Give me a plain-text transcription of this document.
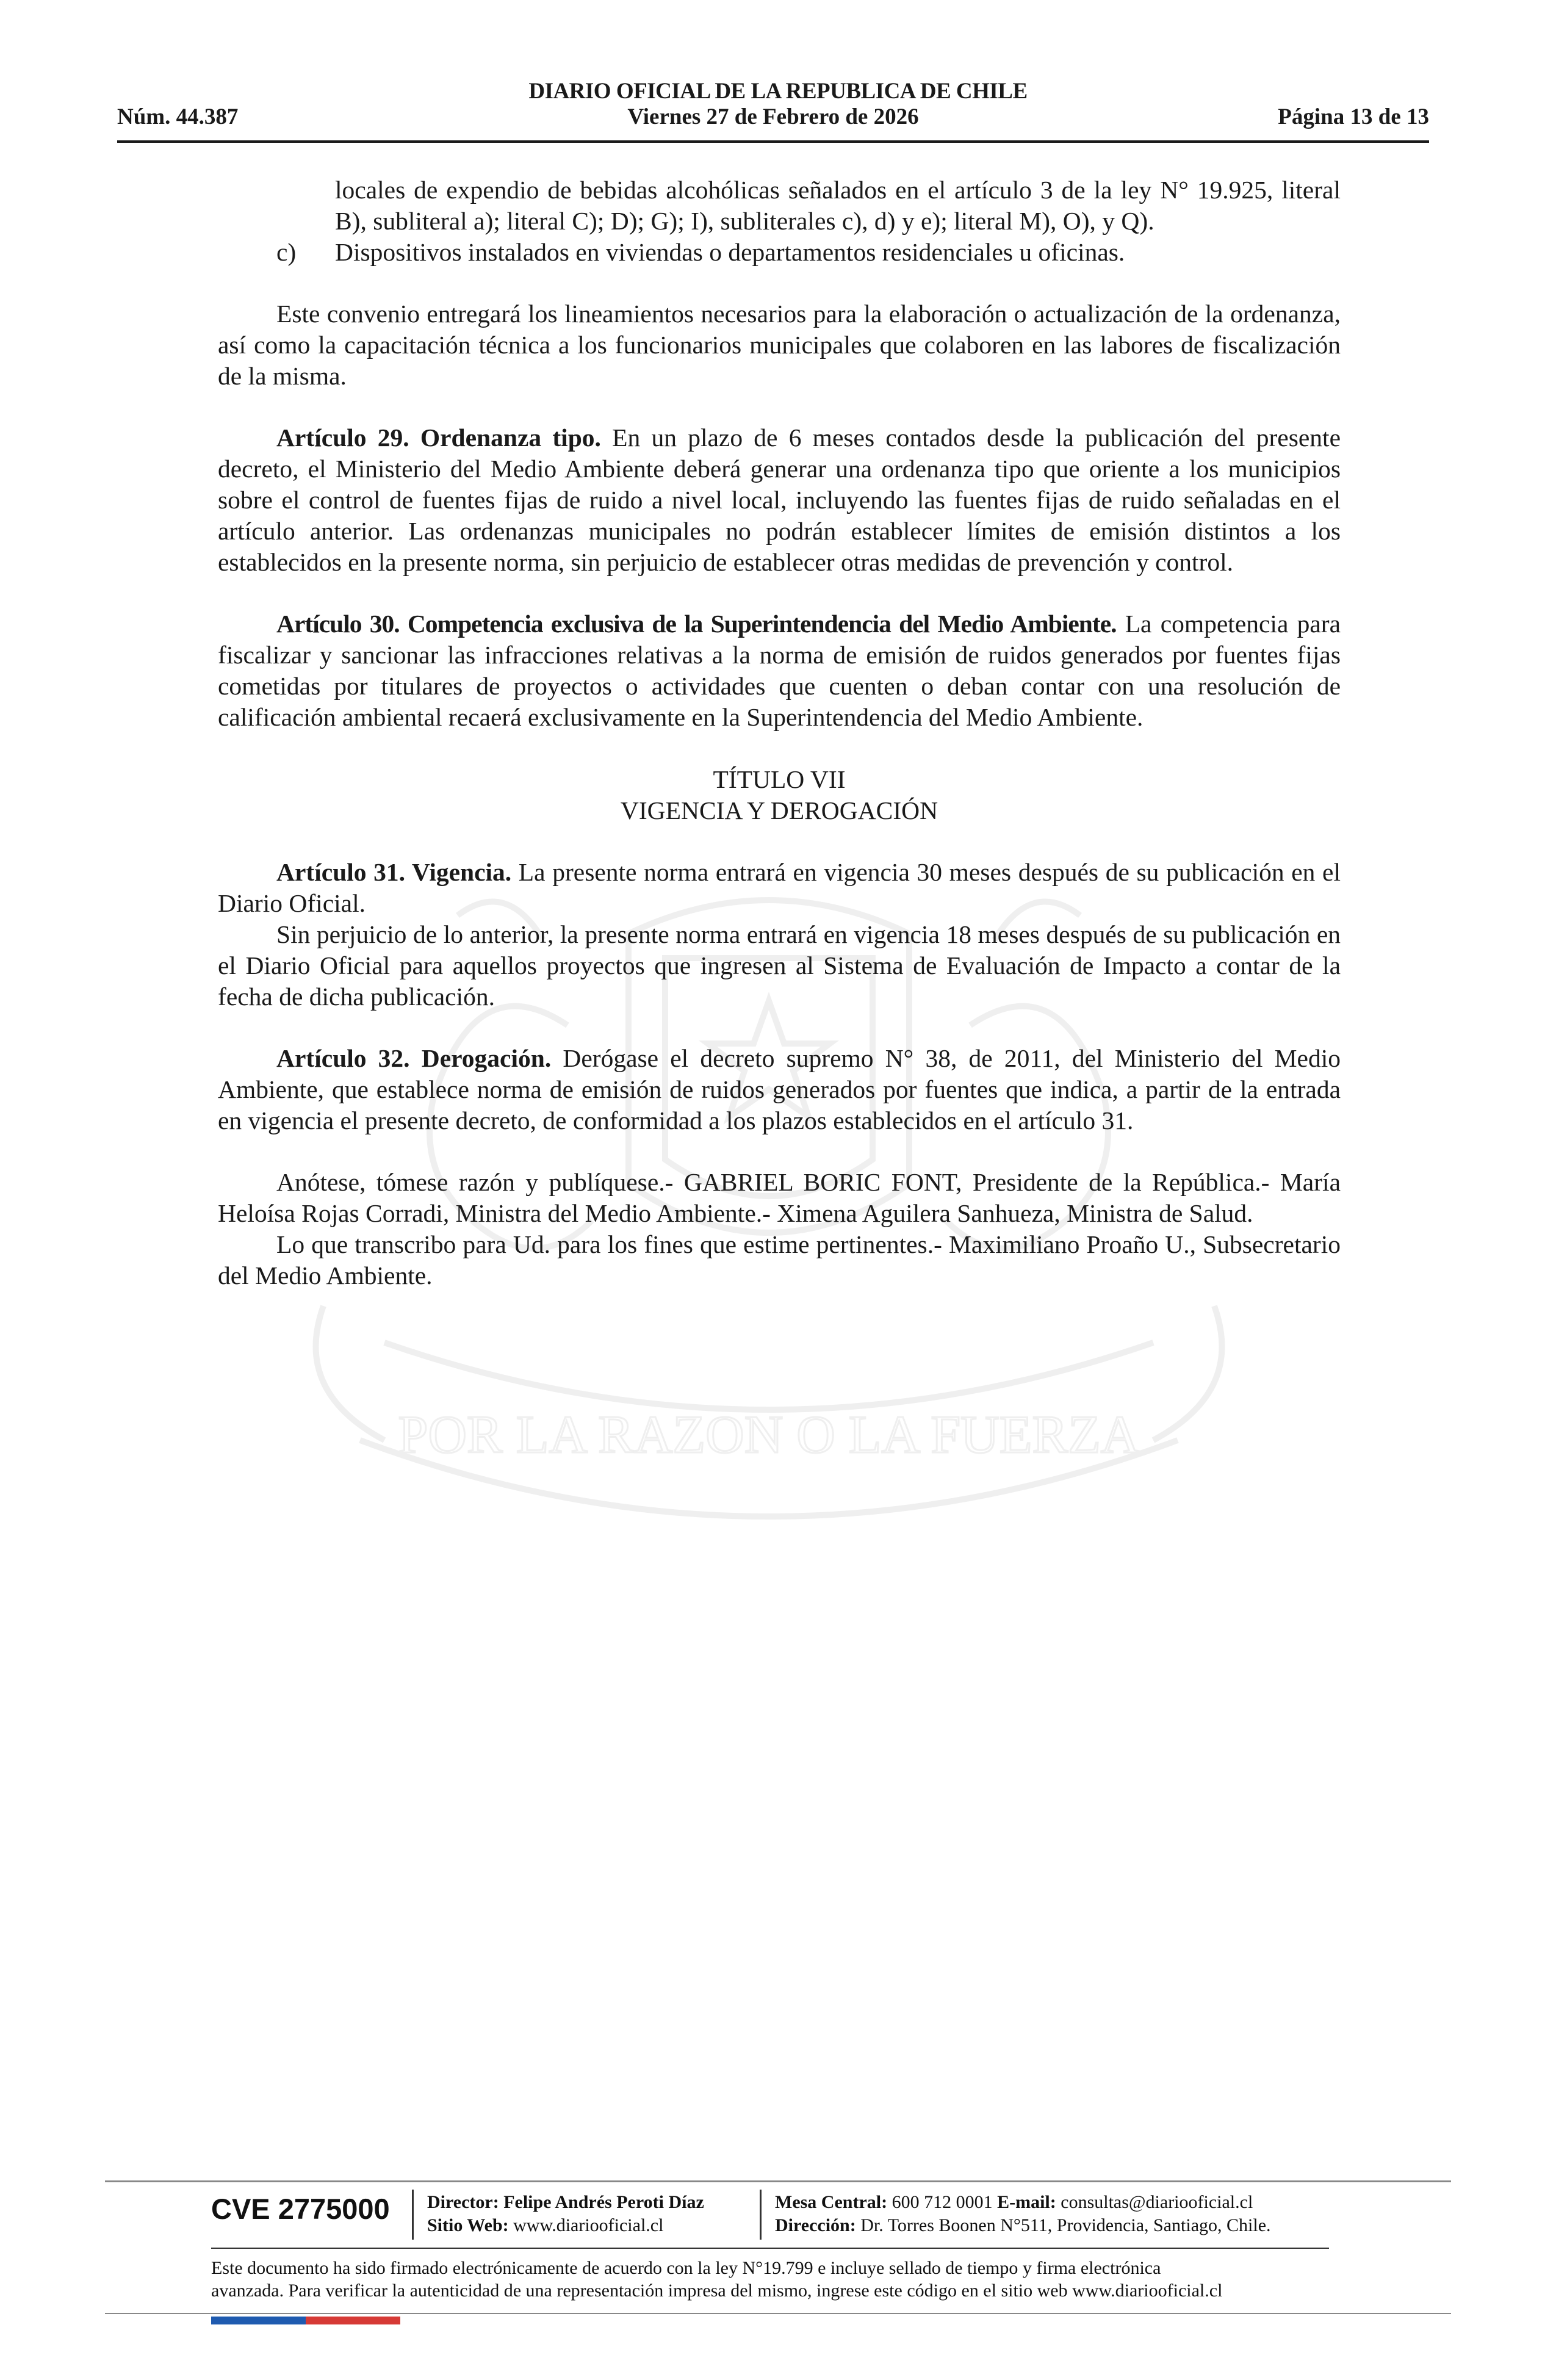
POR LA RAZON O LA FUERZA
DIARIO OFICIAL DE LA REPUBLICA DE CHILE
Núm. 44.387	Viernes 27 de Febrero de 2026	Página 13 de 13

locales de expendio de bebidas alcohólicas señalados en el artículo 3 de la ley N° 19.925, literal B), subliteral a); literal C); D); G); I), subliterales c), d) y e); literal M), O), y Q).

c) Dispositivos instalados en viviendas o departamentos residenciales u oficinas.

Este convenio entregará los lineamientos necesarios para la elaboración o actualización de la ordenanza, así como la capacitación técnica a los funcionarios municipales que colaboren en las labores de fiscalización de la misma.

Artículo 29. Ordenanza tipo. En un plazo de 6 meses contados desde la publicación del presente decreto, el Ministerio del Medio Ambiente deberá generar una ordenanza tipo que oriente a los municipios sobre el control de fuentes fijas de ruido a nivel local, incluyendo las fuentes fijas de ruido señaladas en el artículo anterior. Las ordenanzas municipales no podrán establecer límites de emisión distintos a los establecidos en la presente norma, sin perjuicio de establecer otras medidas de prevención y control.

Artículo 30. Competencia exclusiva de la Superintendencia del Medio Ambiente. La competencia para fiscalizar y sancionar las infracciones relativas a la norma de emisión de ruidos generados por fuentes fijas cometidas por titulares de proyectos o actividades que cuenten o deban contar con una resolución de calificación ambiental recaerá exclusivamente en la Superintendencia del Medio Ambiente.

TÍTULO VII
VIGENCIA Y DEROGACIÓN

Artículo 31. Vigencia. La presente norma entrará en vigencia 30 meses después de su publicación en el Diario Oficial.

Sin perjuicio de lo anterior, la presente norma entrará en vigencia 18 meses después de su publicación en el Diario Oficial para aquellos proyectos que ingresen al Sistema de Evaluación de Impacto a contar de la fecha de dicha publicación.

Artículo 32. Derogación. Derógase el decreto supremo N° 38, de 2011, del Ministerio del Medio Ambiente, que establece norma de emisión de ruidos generados por fuentes que indica, a partir de la entrada en vigencia el presente decreto, de conformidad a los plazos establecidos en el artículo 31.

Anótese, tómese razón y publíquese.- GABRIEL BORIC FONT, Presidente de la República.- María Heloísa Rojas Corradi, Ministra del Medio Ambiente.- Ximena Aguilera Sanhueza, Ministra de Salud.

Lo que transcribo para Ud. para los fines que estime pertinentes.- Maximiliano Proaño U., Subsecretario del Medio Ambiente.

CVE 2775000 Director: Felipe Andrés Peroti Díaz
Sitio Web: www.diariooficial.cl
Mesa Central: 600 712 0001 E-mail: consultas@diariooficial.cl
Dirección: Dr. Torres Boonen N°511, Providencia, Santiago, Chile.
Este documento ha sido firmado electrónicamente de acuerdo con la ley N°19.799 e incluye sellado de tiempo y firma electrónica
avanzada. Para verificar la autenticidad de una representación impresa del mismo, ingrese este código en el sitio web www.diariooficial.cl
